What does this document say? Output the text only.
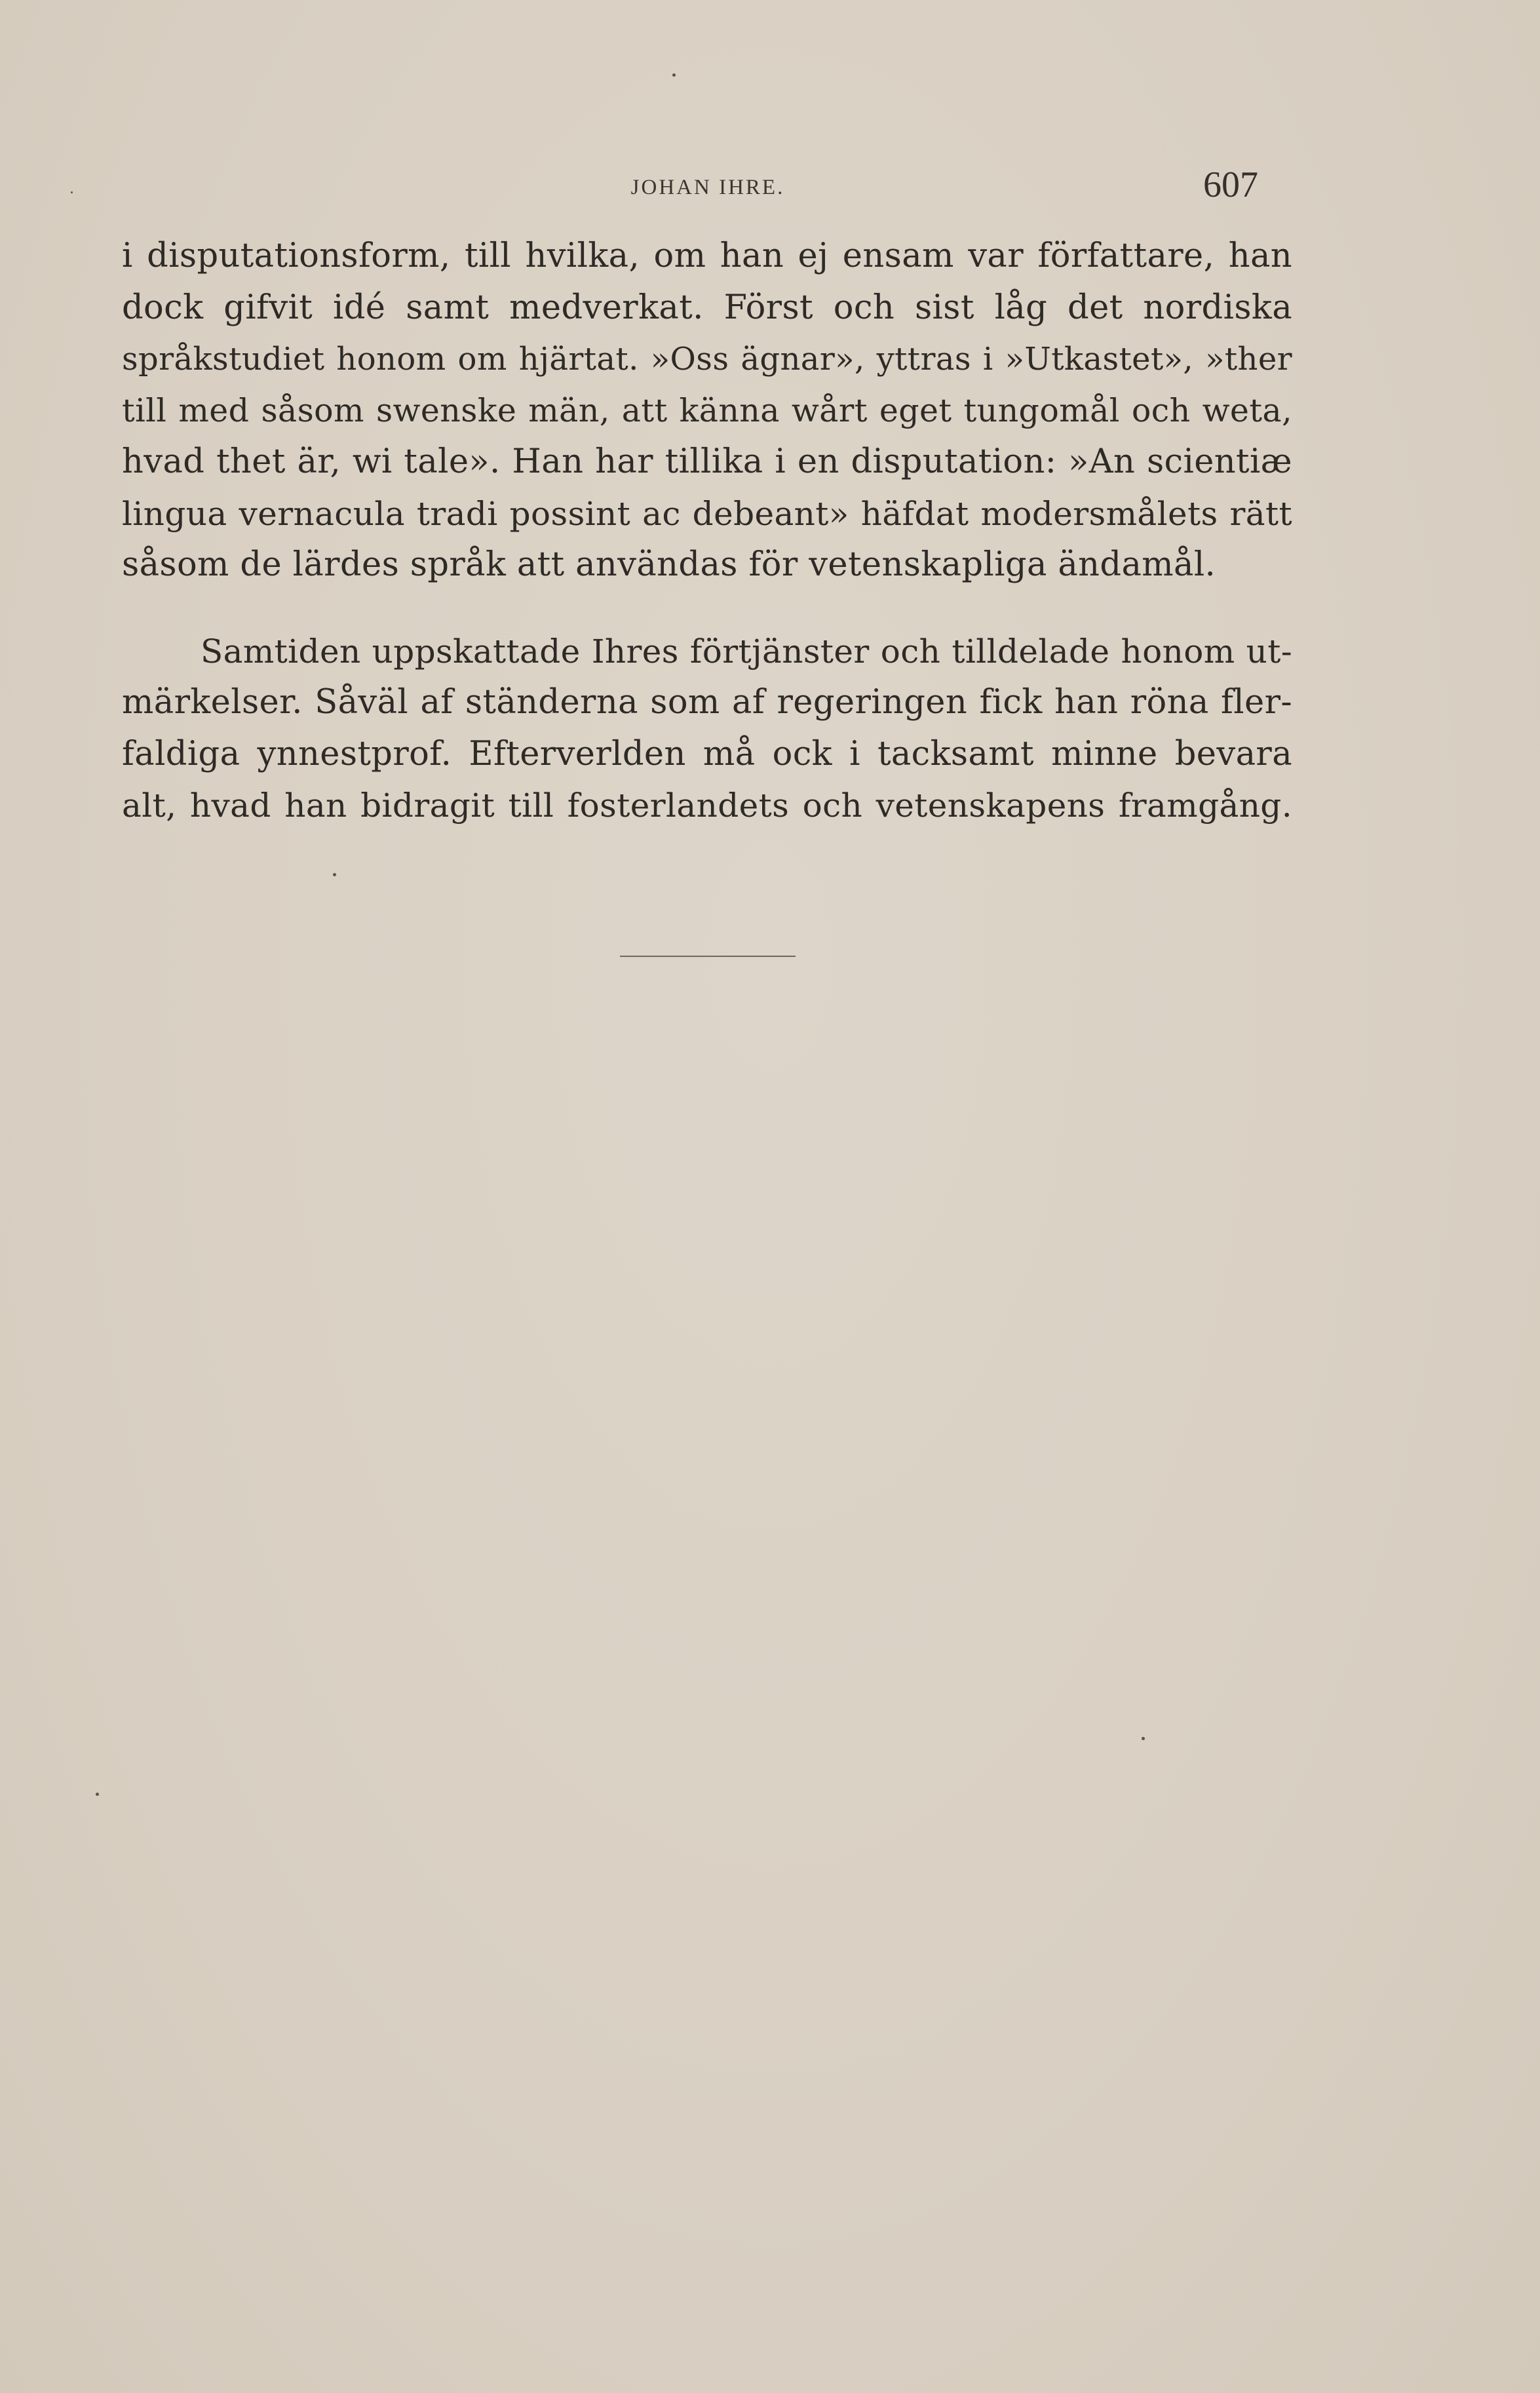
JOHAN IHRE.	607
i disputationsform, till hvilka, om han ej ensam var författare, han
dock gifvit idé samt medverkat. Först och sist låg det nordiska
språkstudiet honom om hjärtat. »Oss ägnar», yttras i »Utkastet», »ther
till med såsom swenske män, att känna wårt eget tungomål och weta,
hvad thet är, wi tale». Han har tillika i en disputation: »An scientiæ
lingua vernacula tradi possint ac debeant» häfdat modersmålets rätt
såsom de lärdes språk att användas för vetenskapliga ändamål.
Samtiden uppskattade Ihres förtjänster och tilldelade honom ut-
märkelser. Såväl af ständerna som af regeringen fick han röna fler-
faldiga ynnestprof. Efterverlden må ock i tacksamt minne bevara
alt, hvad han bidragit till fosterlandets och vetenskapens framgång.
